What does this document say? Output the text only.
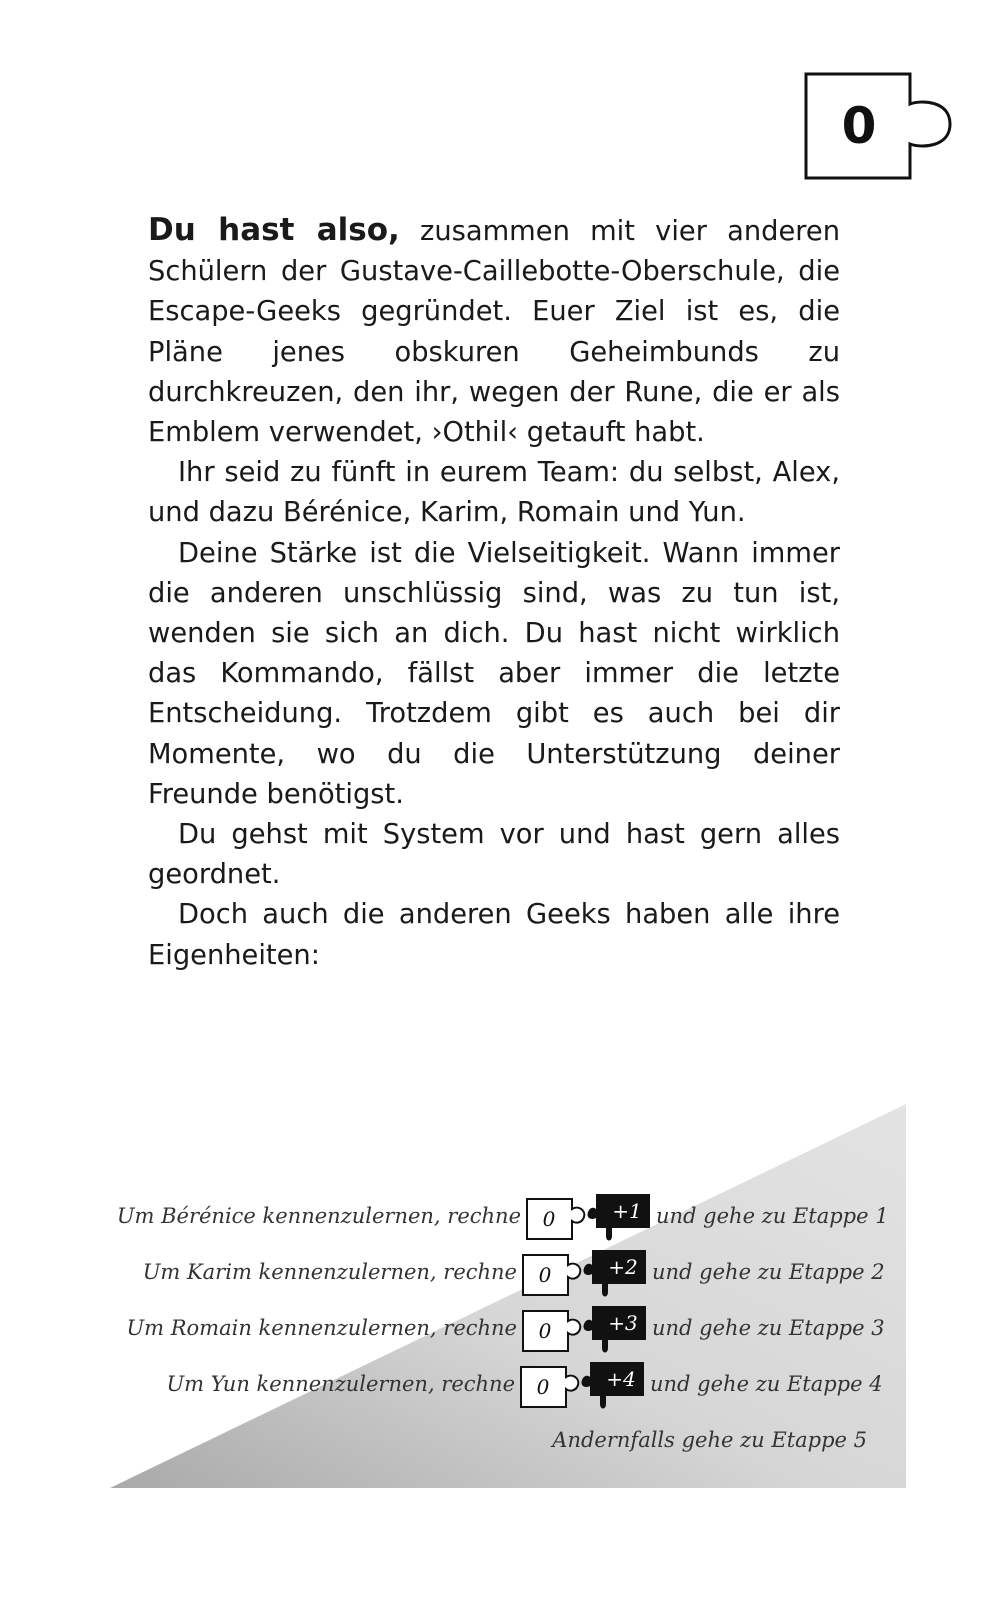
0

Du hast also, zusammen mit vier anderen Schülern der Gustave-Caillebotte-Oberschule, die Escape-Geeks gegründet. Euer Ziel ist es, die Pläne jenes obskuren Geheimbunds zu durchkreuzen, den ihr, wegen der Rune, die er als Emblem verwendet, ›Othil‹ getauft habt.

Ihr seid zu fünft in eurem Team: du selbst, Alex, und dazu Bérénice, Karim, Romain und Yun.

Deine Stärke ist die Vielseitigkeit. Wann immer die anderen unschlüssig sind, was zu tun ist, wenden sie sich an dich. Du hast nicht wirklich das Kommando, fällst aber immer die letzte Entscheidung. Trotzdem gibt es auch bei dir Momente, wo du die Unterstützung deiner Freunde benötigst.

Du gehst mit System vor und hast gern alles geordnet.

Doch auch die anderen Geeks haben alle ihre Eigenheiten:

Um Bérénice kennenzulernen, rechne	0	+1 und gehe zu Etappe 1
Um Karim kennenzulernen, rechne	0	+2 und gehe zu Etappe 2
Um Romain kennenzulernen, rechne	0	+3 und gehe zu Etappe 3
Um Yun kennenzulernen, rechne	0	+4 und gehe zu Etappe 4
Andernfalls gehe zu Etappe 5
